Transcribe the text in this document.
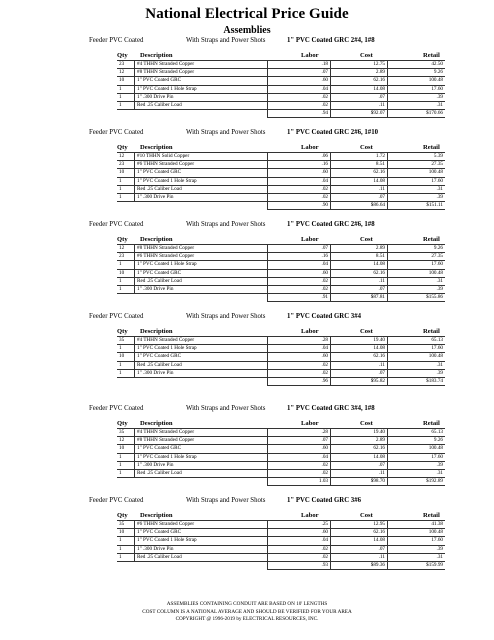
National Electrical Price Guide
Assemblies
Feeder PVC Coated	With Straps and Power Shots	1" PVC Coated GRC 2#4, 1#8
Qty Description	Labor	Cost	Retail
23	#4 THHN Stranded Copper	.18	12.75	42.50
12	#8 THHN Stranded Copper	.07	2.89	9.26
10	1" PVC Coated GRC	.60	62.16	100.48
1	1" PVC Coated 1 Hole Strap	.04	14.08	17.60
1	1" .300 Drive Pin	.02	.07	.39
1	Red .25 Caliber Load	.02	.11	.31
		.94	$92.07	$170.66
Feeder PVC Coated	With Straps and Power Shots	1" PVC Coated GRC 2#6, 1#10
Qty Description	Labor	Cost	Retail
12	#10 THHN Solid Copper	.06	1.72	5.39
23	#6 THHN Stranded Copper	.16	8.51	27.35
10	1" PVC Coated GRC	.60	62.16	100.48
1	1" PVC Coated 1 Hole Strap	.04	14.08	17.60
1	Red .25 Caliber Load	.02	.11	.31
1	1" .300 Drive Pin	.02	.07	.39
		.90	$86.64	$151.11
Feeder PVC Coated	With Straps and Power Shots	1" PVC Coated GRC 2#6, 1#8
Qty Description	Labor	Cost	Retail
12	#8 THHN Stranded Copper	.07	2.89	9.26
23	#6 THHN Stranded Copper	.16	8.51	27.35
1	1" PVC Coated 1 Hole Strap	.04	14.08	17.60
10	1" PVC Coated GRC	.60	62.16	100.48
1	Red .25 Caliber Load	.02	.11	.31
1	1" .300 Drive Pin	.02	.07	.39
		.91	$87.81	$155.86
Feeder PVC Coated	With Straps and Power Shots	1" PVC Coated GRC 3#4
Qty Description	Labor	Cost	Retail
35	#4 THHN Stranded Copper	.28	19.40	65.13
1	1" PVC Coated 1 Hole Strap	.04	14.08	17.60
10	1" PVC Coated GRC	.60	62.16	100.48
1	Red .25 Caliber Load	.02	.11	.31
1	1" .300 Drive Pin	.02	.07	.39
		.96	$95.82	$183.74
Feeder PVC Coated	With Straps and Power Shots	1" PVC Coated GRC 3#4, 1#8
Qty Description	Labor	Cost	Retail
35	#4 THHN Stranded Copper	.28	19.40	65.13
12	#8 THHN Stranded Copper	.07	2.89	9.26
10	1" PVC Coated GRC	.60	62.16	100.48
1	1" PVC Coated 1 Hole Strap	.04	14.08	17.60
1	1" .300 Drive Pin	.02	.07	.39
1	Red .25 Caliber Load	.02	.11	.31
		1.03	$98.70	$192.89
Feeder PVC Coated	With Straps and Power Shots	1" PVC Coated GRC 3#6
Qty Description	Labor	Cost	Retail
35	#6 THHN Stranded Copper	.25	12.95	41.38
10	1" PVC Coated GRC	.60	62.16	100.48
1	1" PVC Coated 1 Hole Strap	.04	14.08	17.60
1	1" .300 Drive Pin	.02	.07	.39
1	Red .25 Caliber Load	.02	.11	.31
		.93	$89.36	$159.99
ASSEMBLIES CONTAINING CONDUIT ARE BASED ON 10' LENGTHS
COST COLUMN IS A NATIONAL AVERAGE AND SHOULD BE VERIFIED FOR YOUR AREA
COPYRIGHT @ 1996-2019 by ELECTRICAL RESOURCES, INC.
